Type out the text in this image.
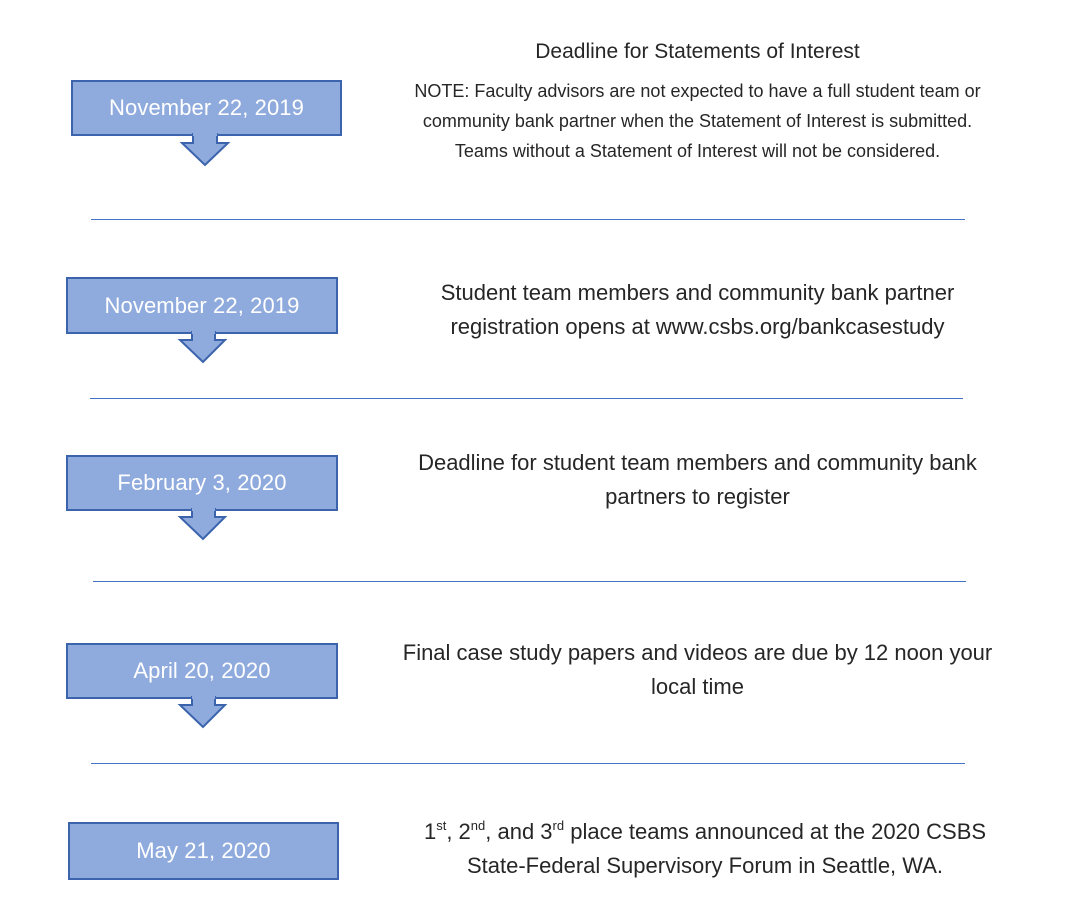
November 22, 2019
Deadline for Statements of Interest
NOTE: Faculty advisors are not expected to have a full student team or community bank partner when the Statement of Interest is submitted. Teams without a Statement of Interest will not be considered.
November 22, 2019	Student team members and community bank partner registration opens at www.csbs.org/bankcasestudy
February 3, 2020
Deadline for student team members and community bank partners to register
April 20, 2020
Final case study papers and videos are due by 12 noon your local time
May 21, 2020
1st, 2nd, and 3rd place teams announced at the 2020 CSBS State-Federal Supervisory Forum in Seattle, WA.
